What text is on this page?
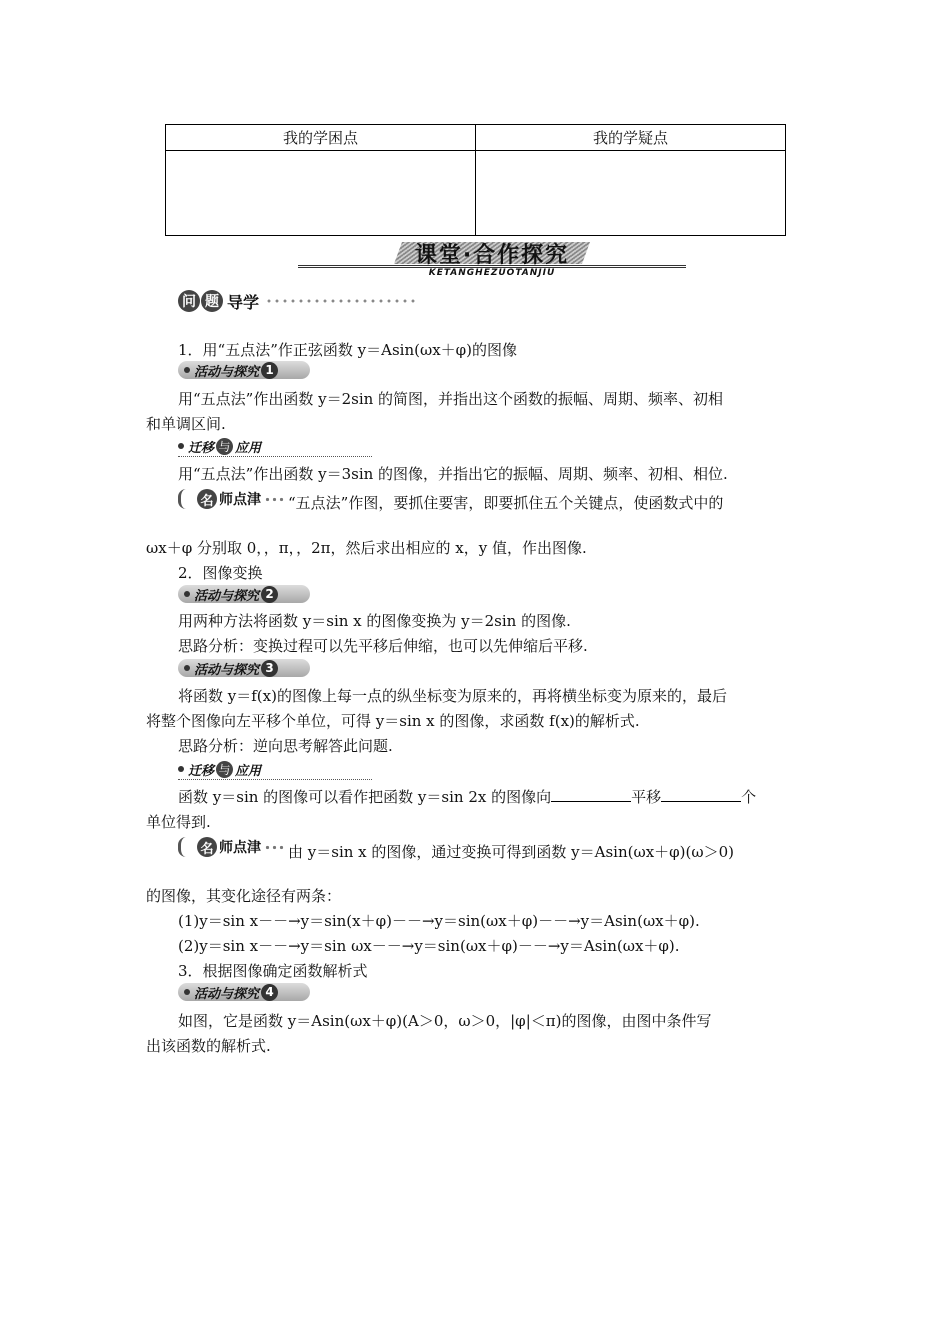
我的学困点	我的学疑点

课堂·合作探究
KETANGHEZUOTANJIU
问 题 导学
1．用“五点法”作正弦函数 y＝Asin(ωx＋φ)的图像
活动与探究 1
用“五点法”作出函数 y＝2sin 的简图，并指出这个函数的振幅、周期、频率、初相
和单调区间.
迁移 与 应用
用“五点法”作出函数 y＝3sin 的图像，并指出它的振幅、周期、频率、初相、相位.
名 师点津 “五点法”作图，要抓住要害，即要抓住五个关键点，使函数式中的
ωx＋φ 分别取 0，，π，，2π，然后求出相应的 x，y 值，作出图像.
2．图像变换
活动与探究 2
用两种方法将函数 y＝sin x 的图像变换为 y＝2sin 的图像.
思路分析：变换过程可以先平移后伸缩，也可以先伸缩后平移.
活动与探究 3
将函数 y＝f(x)的图像上每一点的纵坐标变为原来的，再将横坐标变为原来的，最后
将整个图像向左平移个单位，可得 y＝sin x 的图像，求函数 f(x)的解析式.
思路分析：逆向思考解答此问题.
迁移 与 应用
函数 y＝sin 的图像可以看作把函数 y＝sin 2x 的图像向	平移	个
单位得到.
名 师点津 由 y＝sin x 的图像，通过变换可得到函数 y＝Asin(ωx＋φ)(ω＞0)
的图像，其变化途径有两条：
(1)y＝sin x－－→y＝sin(x＋φ)－－→y＝sin(ωx＋φ)－－→y＝Asin(ωx＋φ).
(2)y＝sin x－－→y＝sin ωx－－→y＝sin(ωx＋φ)－－→y＝Asin(ωx＋φ).
3．根据图像确定函数解析式
活动与探究 4
如图，它是函数 y＝Asin(ωx＋φ)(A＞0，ω＞0，|φ|＜π)的图像，由图中条件写
出该函数的解析式.
